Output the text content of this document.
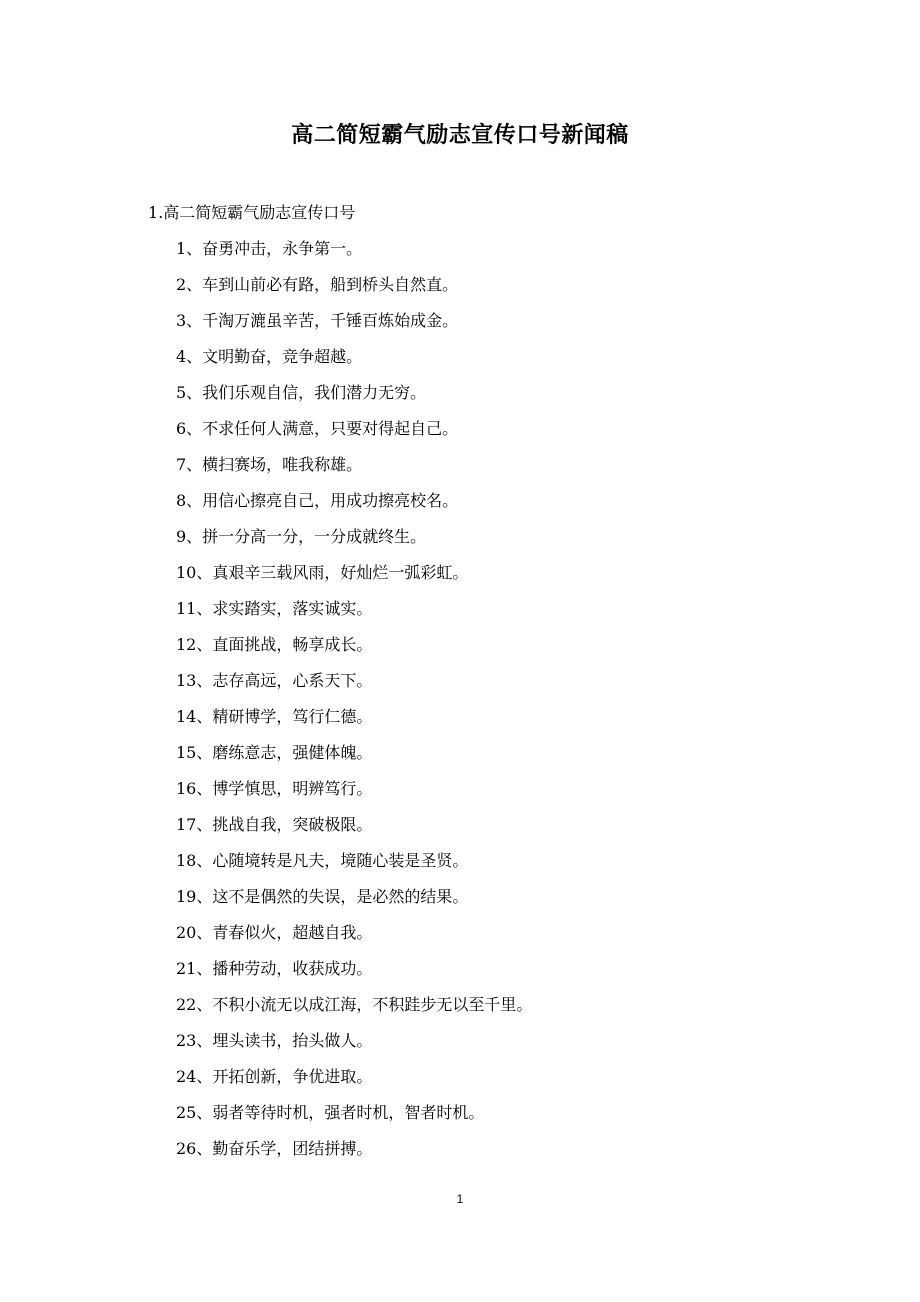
高二简短霸气励志宣传口号新闻稿
1.高二简短霸气励志宣传口号
1、奋勇冲击，永争第一。
2、车到山前必有路，船到桥头自然直。
3、千淘万漉虽辛苦，千锤百炼始成金。
4、文明勤奋，竞争超越。
5、我们乐观自信，我们潜力无穷。
6、不求任何人满意，只要对得起自己。
7、横扫赛场，唯我称雄。
8、用信心擦亮自己，用成功擦亮校名。
9、拼一分高一分，一分成就终生。
10、真艰辛三载风雨，好灿烂一弧彩虹。
11、求实踏实，落实诚实。
12、直面挑战，畅享成长。
13、志存高远，心系天下。
14、精研博学，笃行仁德。
15、磨练意志，强健体魄。
16、博学慎思，明辨笃行。
17、挑战自我，突破极限。
18、心随境转是凡夫，境随心装是圣贤。
19、这不是偶然的失误，是必然的结果。
20、青春似火，超越自我。
21、播种劳动，收获成功。
22、不积小流无以成江海，不积跬步无以至千里。
23、埋头读书，抬头做人。
24、开拓创新，争优进取。
25、弱者等待时机，强者时机，智者时机。
26、勤奋乐学，团结拼搏。
1
